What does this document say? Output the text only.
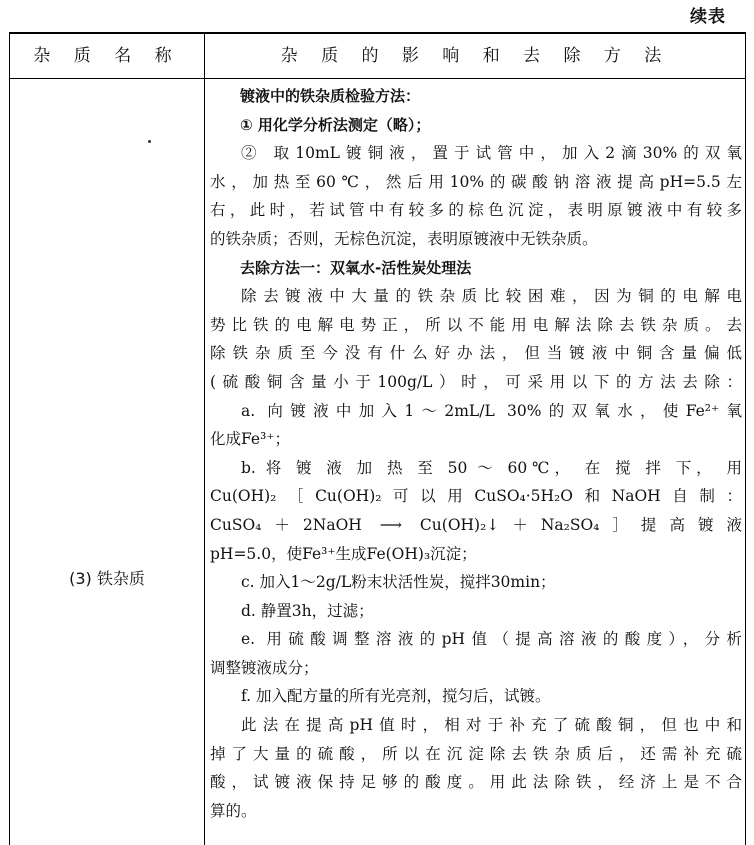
续表
杂 质 名 称	杂 质 的 影 响 和 去 除 方 法
(3) 铁杂质
镀液中的铁杂质检验方法：
① 用化学分析法测定（略）；
② 取10mL镀铜液，置于试管中，加入2滴30%的双氧
水，加热至60℃，然后用10%的碳酸钠溶液提高pH=5.5左
右，此时，若试管中有较多的棕色沉淀，表明原镀液中有较多
的铁杂质；否则，无棕色沉淀，表明原镀液中无铁杂质。
去除方法一：双氧水-活性炭处理法
除去镀液中大量的铁杂质比较困难，因为铜的电解电
势比铁的电解电势正，所以不能用电解法除去铁杂质。去
除铁杂质至今没有什么好办法，但当镀液中铜含量偏低
(硫酸铜含量小于100g/L）时，可采用以下的方法去除：
a. 向镀液中加入1～2mL/L 30%的双氧水，使Fe²⁺氧
化成Fe³⁺；
b. 将 镀 液 加 热 至 50 ～ 60℃， 在 搅 拌 下， 用
Cu(OH)₂［Cu(OH)₂可以用CuSO₄·5H₂O和NaOH自制：
CuSO₄＋2NaOH ⟶ Cu(OH)₂↓＋Na₂SO₄］提高镀液
pH=5.0，使Fe³⁺生成Fe(OH)₃沉淀；
c. 加入1～2g/L粉末状活性炭，搅拌30min；
d. 静置3h，过滤；
e. 用硫酸调整溶液的pH值（提高溶液的酸度），分析
调整镀液成分；
f. 加入配方量的所有光亮剂，搅匀后，试镀。
此法在提高pH值时，相对于补充了硫酸铜，但也中和
掉了大量的硫酸，所以在沉淀除去铁杂质后，还需补充硫
酸，试镀液保持足够的酸度。用此法除铁，经济上是不合
算的。
